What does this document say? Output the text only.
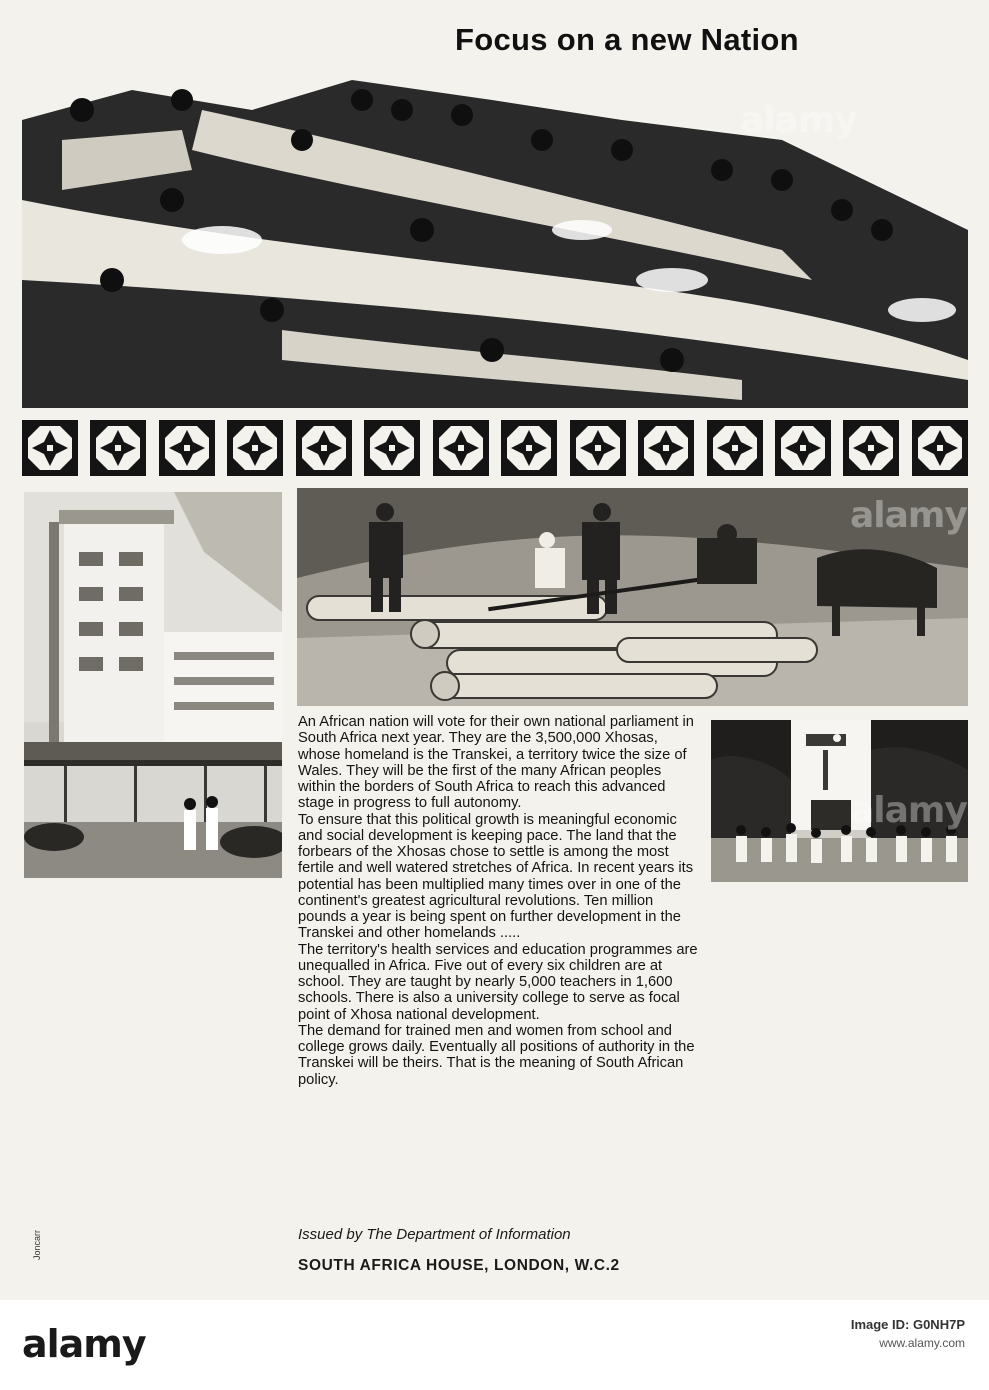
Focus on a new Nation

An African nation will vote for their own national parliament in South Africa next year. They are the 3,500,000 Xhosas, whose homeland is the Transkei, a territory twice the size of Wales. They will be the first of the many African peoples within the borders of South Africa to reach this advanced stage in progress to full autonomy.

To ensure that this political growth is meaningful economic and social development is keeping pace. The land that the forbears of the Xhosas chose to settle is among the most fertile and well watered stretches of Africa. In recent years its potential has been multiplied many times over in one of the continent's greatest agricultural revolutions. Ten million pounds a year is being spent on further development in the Transkei and other homelands .....

The territory's health services and education programmes are unequalled in Africa. Five out of every six children are at school. They are taught by nearly 5,000 teachers in 1,600 schools. There is also a university college to serve as focal point of Xhosa national development.

The demand for trained men and women from school and college grows daily. Eventually all positions of authority in the Transkei will be theirs. That is the meaning of South African policy.

Issued by The Department of Information
SOUTH AFRICA HOUSE, LONDON, W.C.2
Joncarr
alamy
alamy
alamy
alamy	Image ID: G0NH7P
www.alamy.com
